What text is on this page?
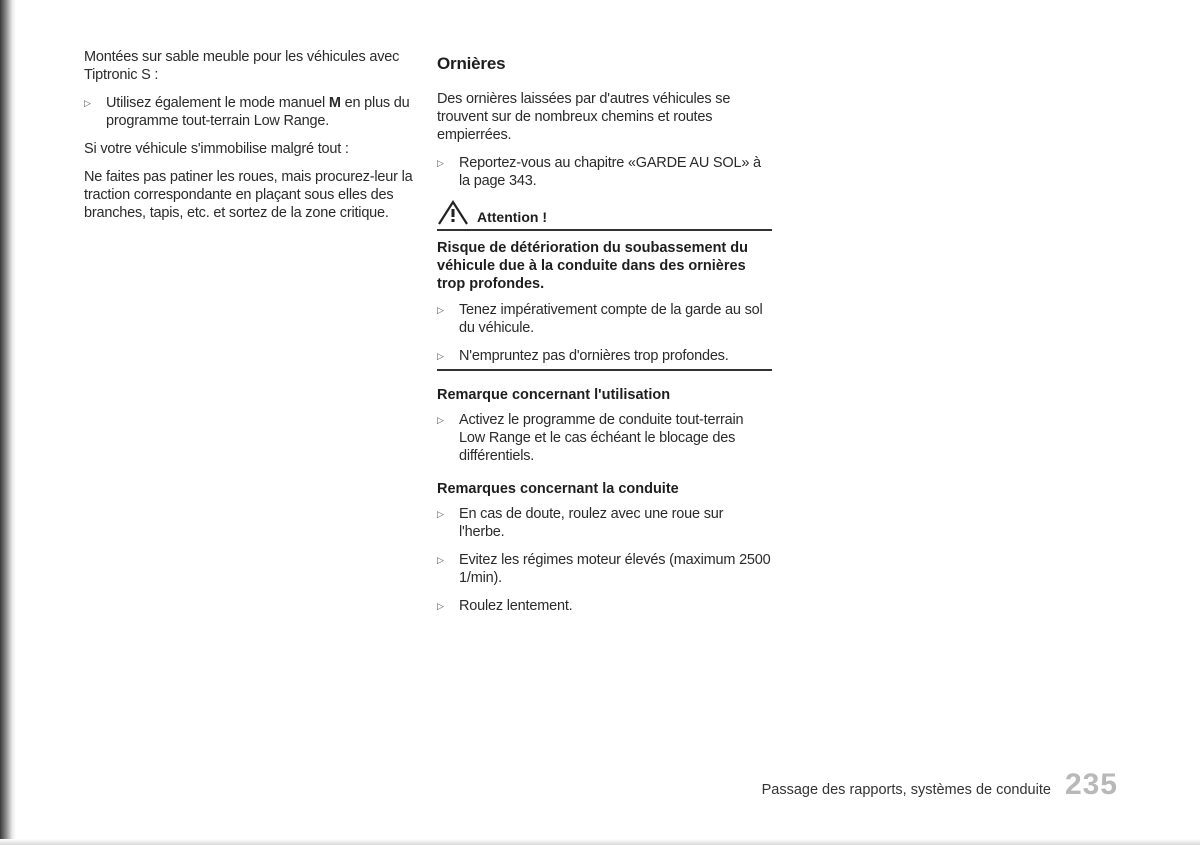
Montées sur sable meuble pour les véhicules avec Tiptronic S :

▷	Utilisez également le mode manuel M en plus du programme tout-terrain Low Range.

Si votre véhicule s'immobilise malgré tout :

Ne faites pas patiner les roues, mais procurez-leur la traction correspondante en plaçant sous elles des branches, tapis, etc. et sortez de la zone critique.

Ornières

Des ornières laissées par d'autres véhicules se trouvent sur de nombreux chemins et routes empierrées.

▷	Reportez-vous au chapitre «GARDE AU SOL» à la page 343.
Attention !
Risque de détérioration du soubassement du véhicule due à la conduite dans des ornières trop profondes.
▷	Tenez impérativement compte de la garde au sol du véhicule.
▷	N'empruntez pas d'ornières trop profondes.
Remarque concernant l'utilisation
▷	Activez le programme de conduite tout-terrain Low Range et le cas échéant le blocage des différentiels.
Remarques concernant la conduite
▷	En cas de doute, roulez avec une roue sur l'herbe.
▷	Evitez les régimes moteur élevés (maximum 2500 1/min).
▷	Roulez lentement.
Passage des rapports, systèmes de conduite 235
